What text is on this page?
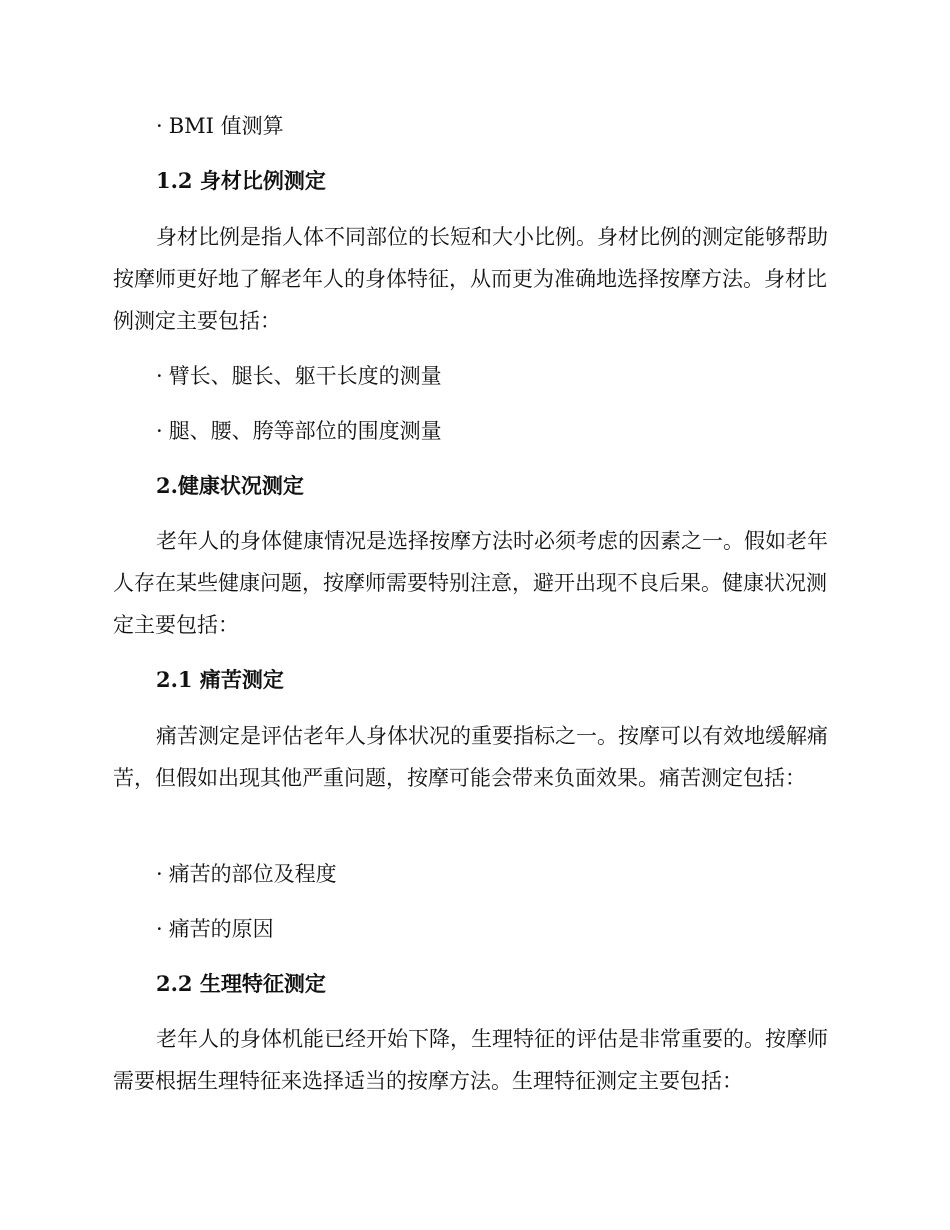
· BMI 值测算

1.2 身材比例测定

身材比例是指人体不同部位的长短和大小比例。身材比例的测定能够帮助按摩师更好地了解老年人的身体特征，从而更为准确地选择按摩方法。身材比例测定主要包括：

· 臂长、腿长、躯干长度的测量

· 腿、腰、胯等部位的围度测量

2.健康状况测定

老年人的身体健康情况是选择按摩方法时必须考虑的因素之一。假如老年人存在某些健康问题，按摩师需要特别注意，避开出现不良后果。健康状况测定主要包括：

2.1 痛苦测定

痛苦测定是评估老年人身体状况的重要指标之一。按摩可以有效地缓解痛苦，但假如出现其他严重问题，按摩可能会带来负面效果。痛苦测定包括：

· 痛苦的部位及程度

· 痛苦的原因

2.2 生理特征测定

老年人的身体机能已经开始下降，生理特征的评估是非常重要的。按摩师需要根据生理特征来选择适当的按摩方法。生理特征测定主要包括：
